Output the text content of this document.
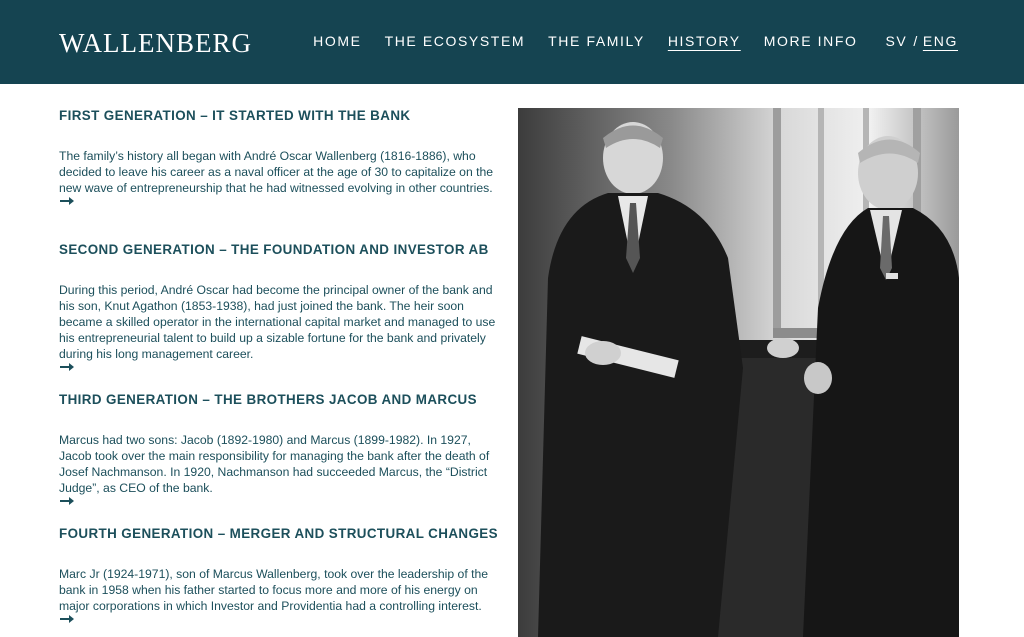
WALLENBERG	HOME THE ECOSYSTEM THE FAMILY HISTORY MORE INFO SV / ENG
FIRST GENERATION – IT STARTED WITH THE BANK

The family’s history all began with André Oscar Wallenberg (1816-1886), who decided to leave his career as a naval officer at the age of 30 to capitalize on the new wave of entrepreneurship that he had witnessed evolving in other countries.

SECOND GENERATION – THE FOUNDATION AND INVESTOR AB

During this period, André Oscar had become the principal owner of the bank and his son, Knut Agathon (1853-1938), had just joined the bank. The heir soon became a skilled operator in the international capital market and managed to use his entrepreneurial talent to build up a sizable fortune for the bank and privately during his long management career.

THIRD GENERATION – THE BROTHERS JACOB AND MARCUS

Marcus had two sons: Jacob (1892-1980) and Marcus (1899-1982). In 1927, Jacob took over the main responsibility for managing the bank after the death of Josef Nachmanson. In 1920, Nachmanson had succeeded Marcus, the “District Judge”, as CEO of the bank.

FOURTH GENERATION – MERGER AND STRUCTURAL CHANGES

Marc Jr (1924-1971), son of Marcus Wallenberg, took over the leadership of the bank in 1958 when his father started to focus more and more of his energy on major corporations in which Investor and Providentia had a controlling interest.
